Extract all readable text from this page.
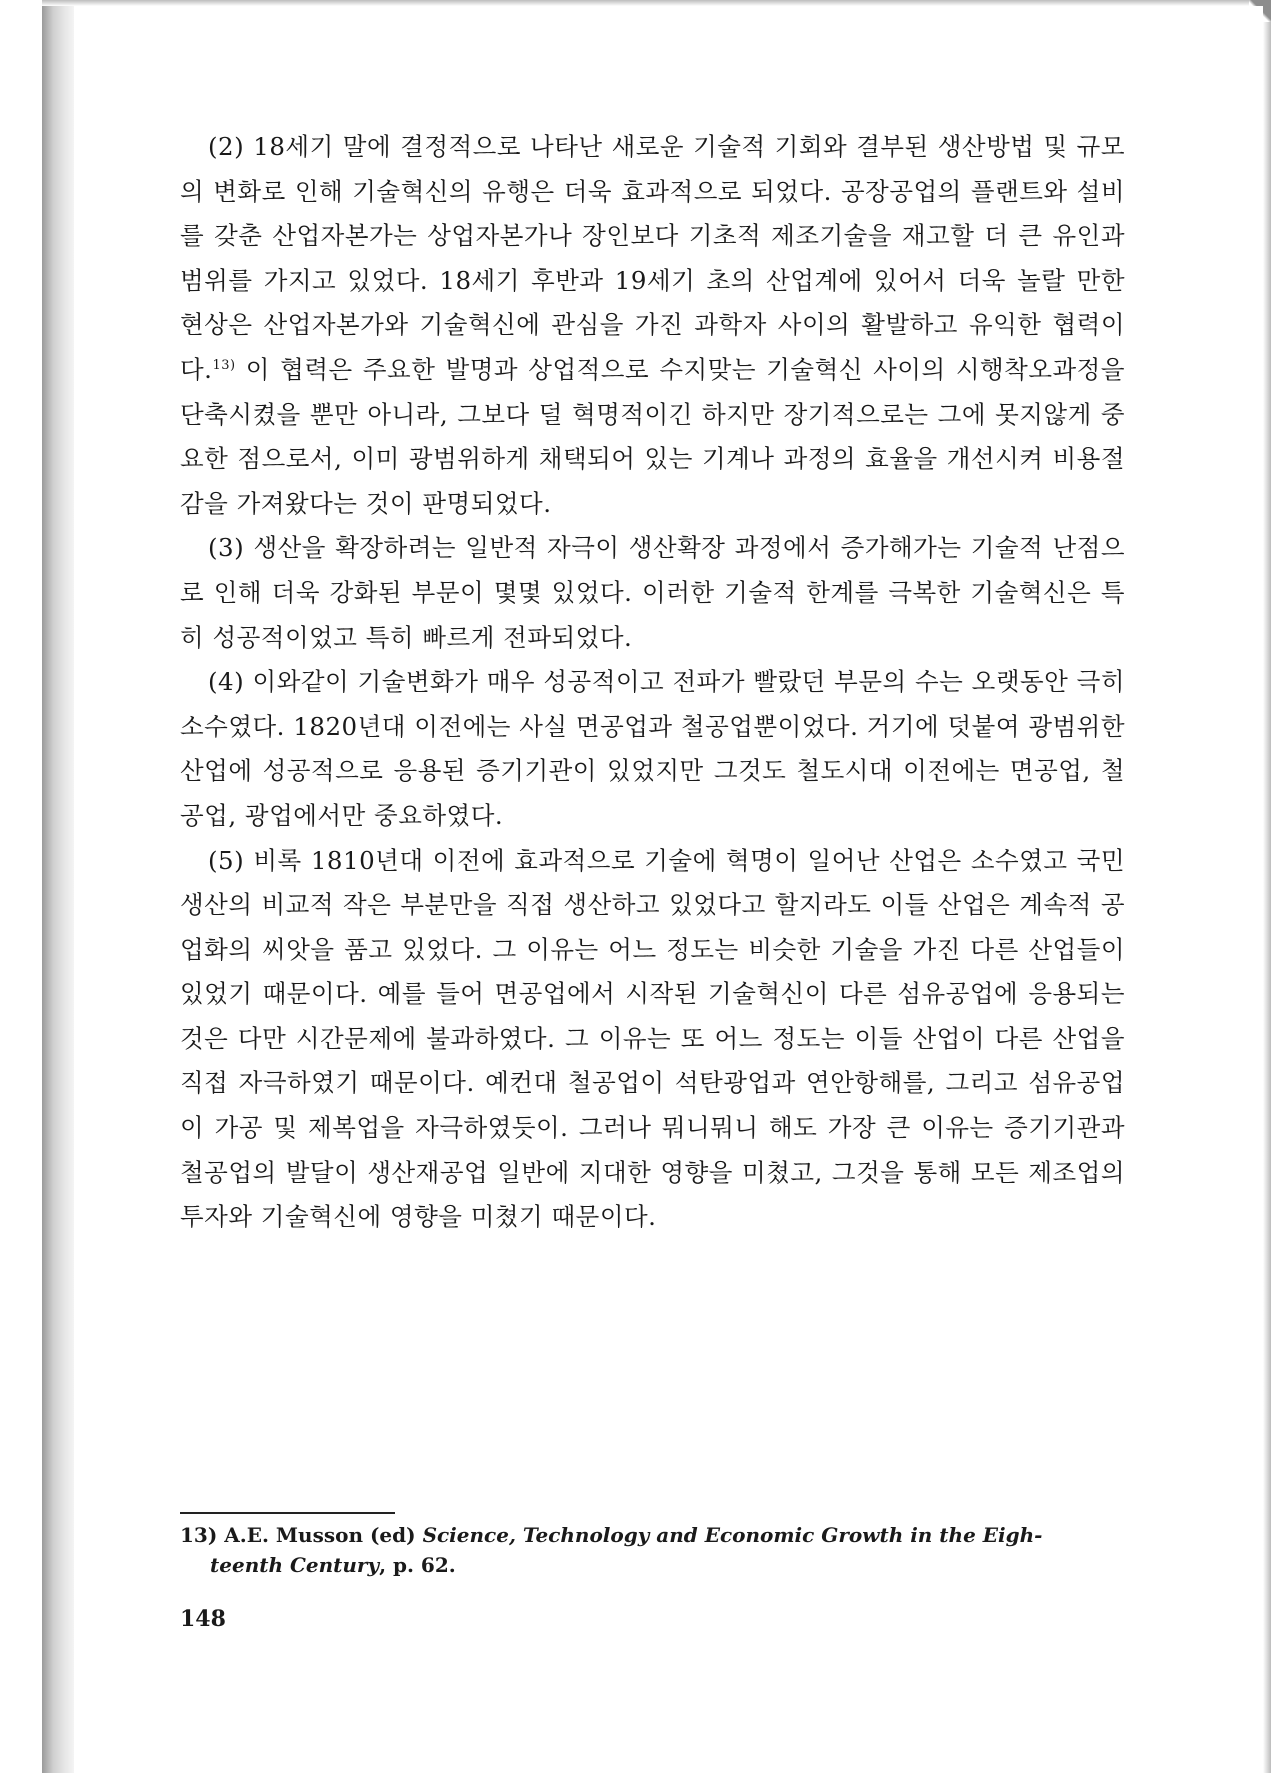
(2) 18세기 말에 결정적으로 나타난 새로운 기술적 기회와 결부된 생산방법 및 규모의 변화로 인해 기술혁신의 유행은 더욱 효과적으로 되었다. 공장공업의 플랜트와 설비를 갖춘 산업자본가는 상업자본가나 장인보다 기초적 제조기술을 재고할 더 큰 유인과 범위를 가지고 있었다. 18세기 후반과 19세기 초의 산업계에 있어서 더욱 놀랄 만한 현상은 산업자본가와 기술혁신에 관심을 가진 과학자 사이의 활발하고 유익한 협력이다.$^{13)}$ 이 협력은 주요한 발명과 상업적으로 수지맞는 기술혁신 사이의 시행착오과정을 단축시켰을 뿐만 아니라, 그보다 덜 혁명적이긴 하지만 장기적으로는 그에 못지않게 중요한 점으로서, 이미 광범위하게 채택되어 있는 기계나 과정의 효율을 개선시켜 비용절감을 가져왔다는 것이 판명되었다.

(3) 생산을 확장하려는 일반적 자극이 생산확장 과정에서 증가해가는 기술적 난점으로 인해 더욱 강화된 부문이 몇몇 있었다. 이러한 기술적 한계를 극복한 기술혁신은 특히 성공적이었고 특히 빠르게 전파되었다.

(4) 이와같이 기술변화가 매우 성공적이고 전파가 빨랐던 부문의 수는 오랫동안 극히 소수였다. 1820년대 이전에는 사실 면공업과 철공업뿐이었다. 거기에 덧붙여 광범위한 산업에 성공적으로 응용된 증기기관이 있었지만 그것도 철도시대 이전에는 면공업, 철공업, 광업에서만 중요하였다.

(5) 비록 1810년대 이전에 효과적으로 기술에 혁명이 일어난 산업은 소수였고 국민생산의 비교적 작은 부분만을 직접 생산하고 있었다고 할지라도 이들 산업은 계속적 공업화의 씨앗을 품고 있었다. 그 이유는 어느 정도는 비슷한 기술을 가진 다른 산업들이 있었기 때문이다. 예를 들어 면공업에서 시작된 기술혁신이 다른 섬유공업에 응용되는 것은 다만 시간문제에 불과하였다. 그 이유는 또 어느 정도는 이들 산업이 다른 산업을 직접 자극하였기 때문이다. 예컨대 철공업이 석탄광업과 연안항해를, 그리고 섬유공업이 가공 및 제복업을 자극하였듯이. 그러나 뭐니뭐니 해도 가장 큰 이유는 증기기관과 철공업의 발달이 생산재공업 일반에 지대한 영향을 미쳤고, 그것을 통해 모든 제조업의 투자와 기술혁신에 영향을 미쳤기 때문이다.

13) A.E. Musson (ed) Science, Technology and Economic Growth in the Eigh-
teenth Century, p. 62.
148
